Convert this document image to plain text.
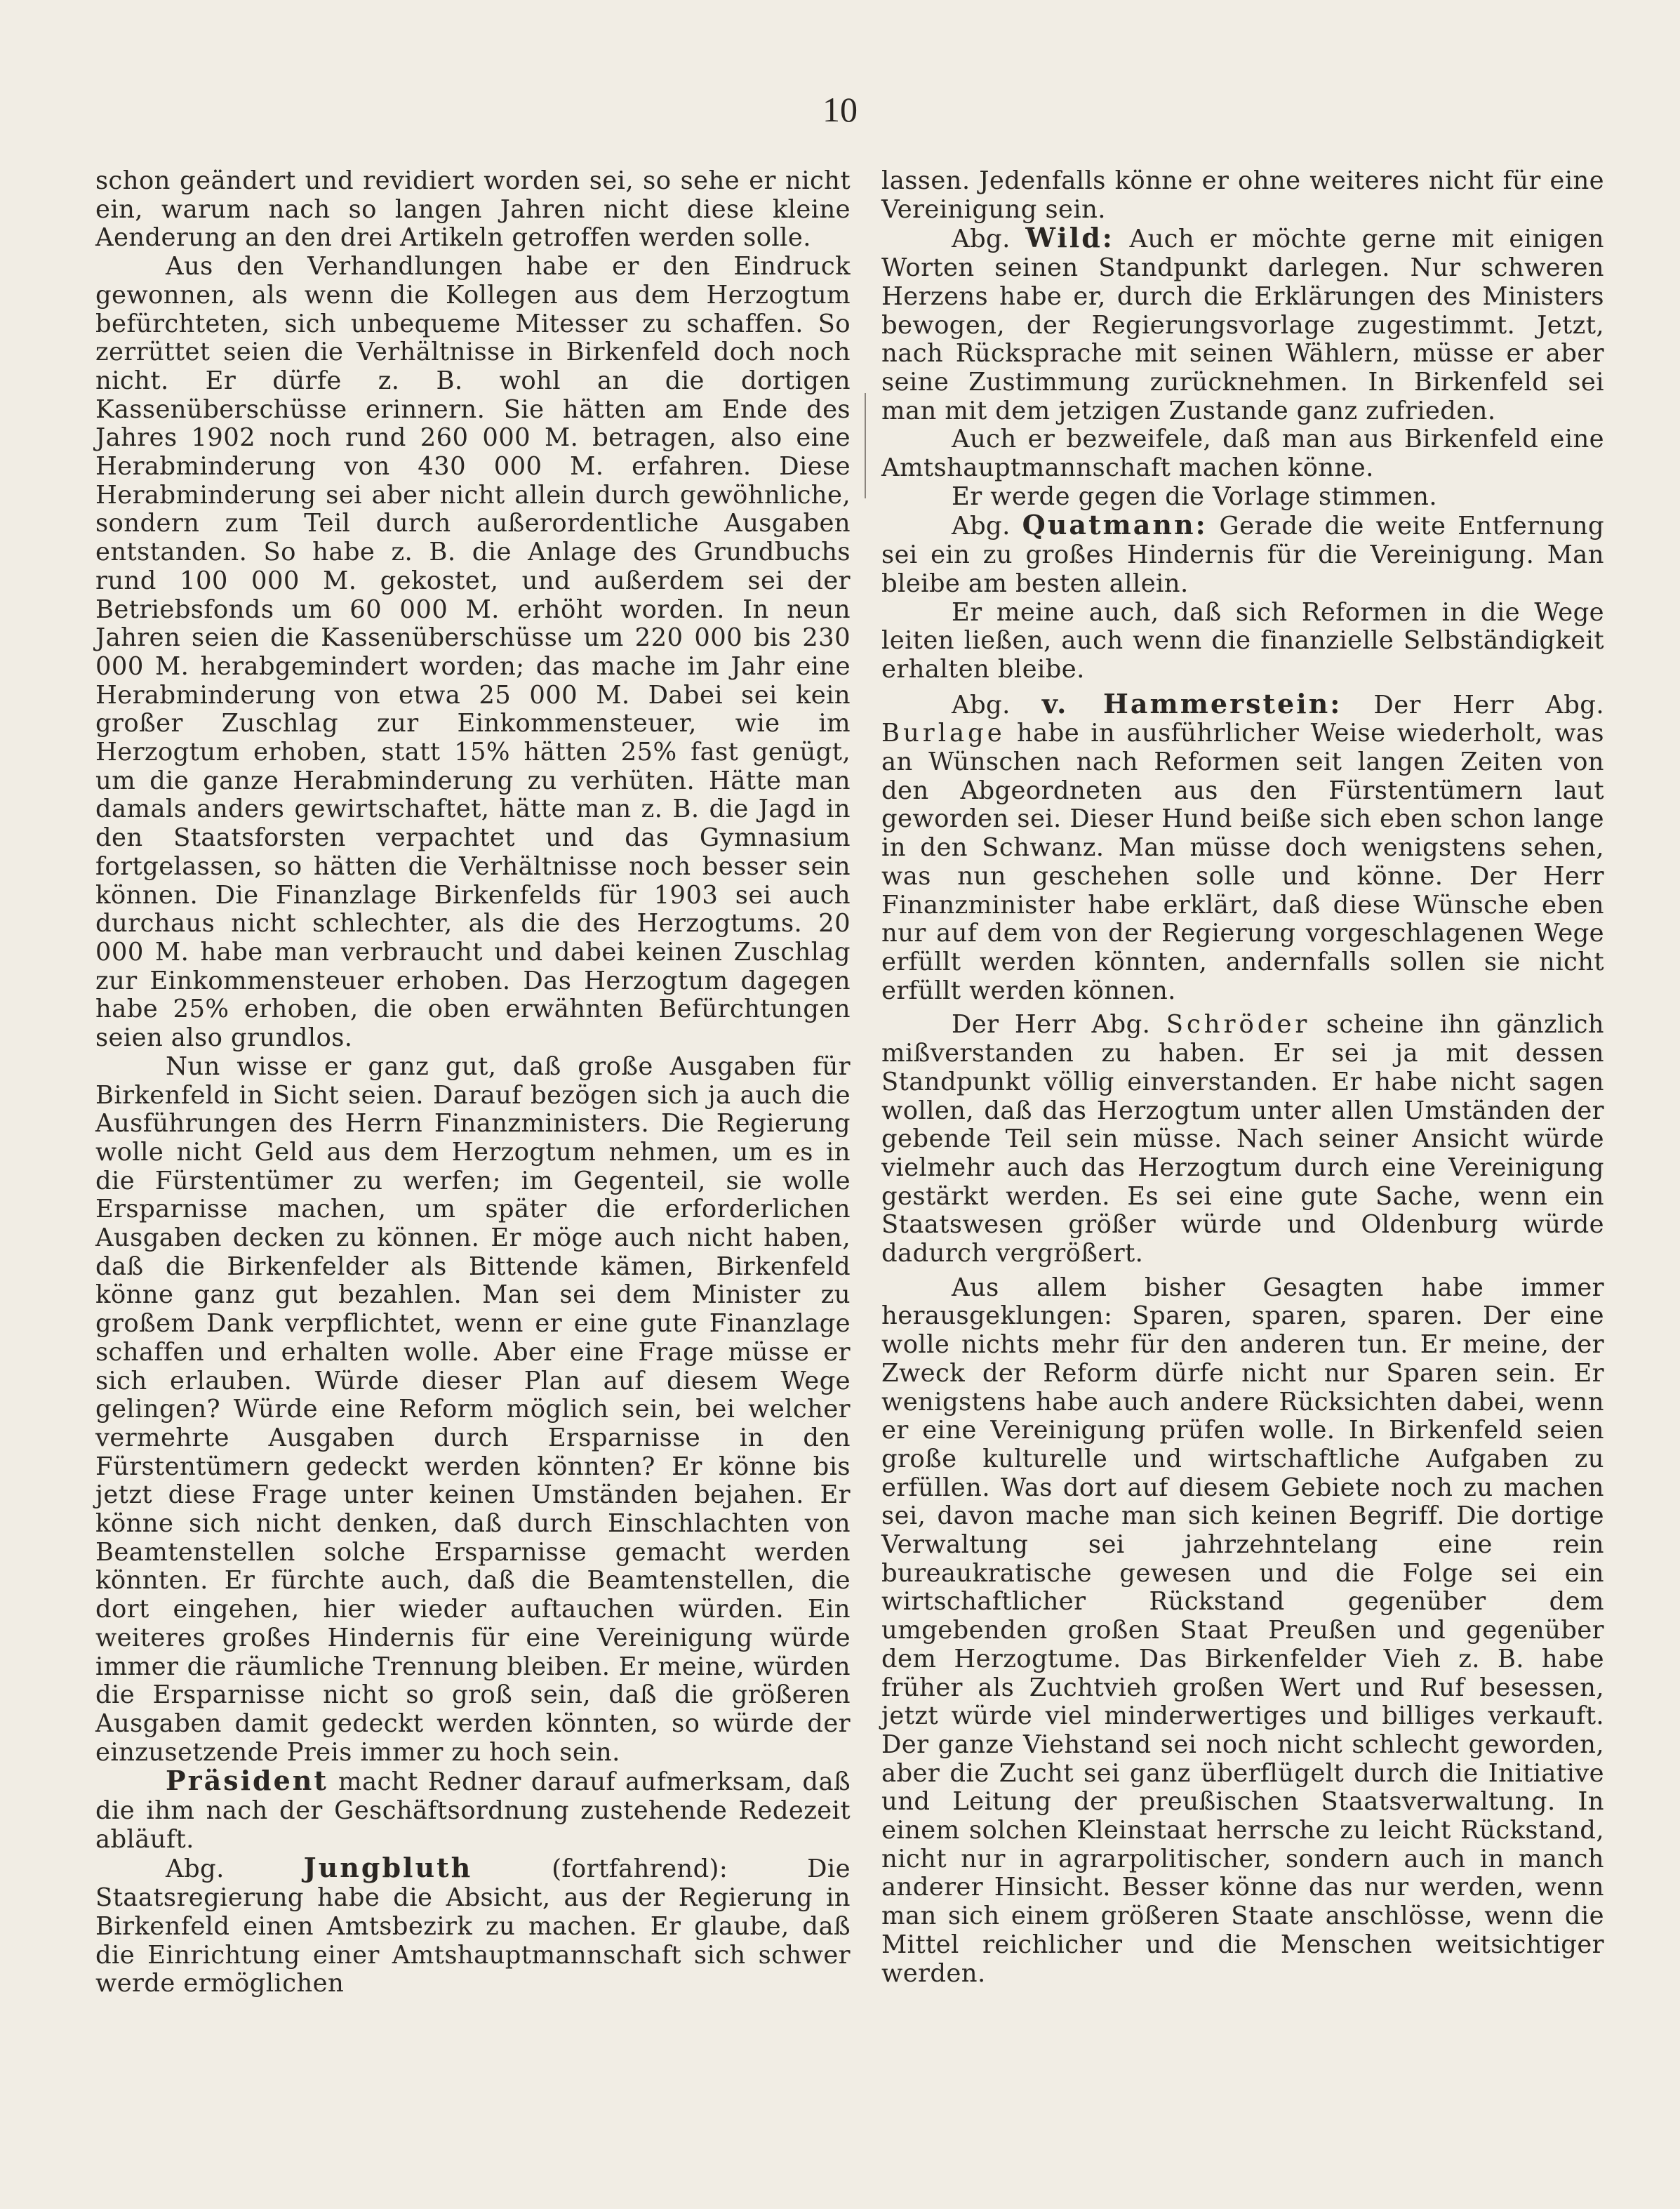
10

schon geändert und revidiert worden sei, so sehe er nicht ein, warum nach so langen Jahren nicht diese kleine Aenderung an den drei Artikeln getroffen werden solle.

Aus den Verhandlungen habe er den Eindruck gewonnen, als wenn die Kollegen aus dem Herzogtum befürchteten, sich unbequeme Mitesser zu schaffen. So zerrüttet seien die Verhältnisse in Birkenfeld doch noch nicht. Er dürfe z. B. wohl an die dortigen Kassenüberschüsse erinnern. Sie hätten am Ende des Jahres 1902 noch rund 260 000 M. betragen, also eine Herabminderung von 430 000 M. erfahren. Diese Herabminderung sei aber nicht allein durch gewöhnliche, sondern zum Teil durch außerordentliche Ausgaben entstanden. So habe z. B. die Anlage des Grundbuchs rund 100 000 M. gekostet, und außerdem sei der Betriebsfonds um 60 000 M. erhöht worden. In neun Jahren seien die Kassenüberschüsse um 220 000 bis 230 000 M. herabgemindert worden; das mache im Jahr eine Herabminderung von etwa 25 000 M. Dabei sei kein großer Zuschlag zur Einkommensteuer, wie im Herzogtum erhoben, statt 15% hätten 25% fast genügt, um die ganze Herabminderung zu verhüten. Hätte man damals anders gewirtschaftet, hätte man z. B. die Jagd in den Staatsforsten verpachtet und das Gymnasium fortgelassen, so hätten die Verhältnisse noch besser sein können. Die Finanzlage Birkenfelds für 1903 sei auch durchaus nicht schlechter, als die des Herzogtums. 20 000 M. habe man verbraucht und dabei keinen Zuschlag zur Einkommensteuer erhoben. Das Herzogtum dagegen habe 25% erhoben, die oben erwähnten Befürchtungen seien also grundlos.

Nun wisse er ganz gut, daß große Ausgaben für Birkenfeld in Sicht seien. Darauf bezögen sich ja auch die Ausführungen des Herrn Finanzministers. Die Regierung wolle nicht Geld aus dem Herzogtum nehmen, um es in die Fürstentümer zu werfen; im Gegenteil, sie wolle Ersparnisse machen, um später die erforderlichen Ausgaben decken zu können. Er möge auch nicht haben, daß die Birkenfelder als Bittende kämen, Birkenfeld könne ganz gut bezahlen. Man sei dem Minister zu großem Dank verpflichtet, wenn er eine gute Finanzlage schaffen und erhalten wolle. Aber eine Frage müsse er sich erlauben. Würde dieser Plan auf diesem Wege gelingen? Würde eine Reform möglich sein, bei welcher vermehrte Ausgaben durch Ersparnisse in den Fürstentümern gedeckt werden könnten? Er könne bis jetzt diese Frage unter keinen Umständen bejahen. Er könne sich nicht denken, daß durch Einschlachten von Beamtenstellen solche Ersparnisse gemacht werden könnten. Er fürchte auch, daß die Beamtenstellen, die dort eingehen, hier wieder auftauchen würden. Ein weiteres großes Hindernis für eine Vereinigung würde immer die räumliche Trennung bleiben. Er meine, würden die Ersparnisse nicht so groß sein, daß die größeren Ausgaben damit gedeckt werden könnten, so würde der einzusetzende Preis immer zu hoch sein.

Präsident macht Redner darauf aufmerksam, daß die ihm nach der Geschäftsordnung zustehende Redezeit abläuft.

Abg.	Jungbluth	(fortfahrend): Die Staatsregierung habe die Absicht, aus der Regierung in Birkenfeld einen Amtsbezirk zu machen. Er glaube, daß die Einrichtung einer Amtshauptmannschaft sich schwer werde ermöglichen

lassen. Jedenfalls könne er ohne weiteres nicht für eine Vereinigung sein.

Abg. Wild: Auch er möchte gerne mit einigen Worten seinen Standpunkt darlegen. Nur schweren Herzens habe er, durch die Erklärungen des Ministers bewogen, der Regierungsvorlage zugestimmt. Jetzt, nach Rücksprache mit seinen Wählern, müsse er aber seine Zustimmung zurücknehmen. In Birkenfeld sei man mit dem jetzigen Zustande ganz zufrieden.

Auch er bezweifele, daß man aus Birkenfeld eine Amtshauptmannschaft machen könne.

Er werde gegen die Vorlage stimmen.

Abg. Quatmann: Gerade die weite Entfernung sei ein zu großes Hindernis für die Vereinigung. Man bleibe am besten allein.

Er meine auch, daß sich Reformen in die Wege leiten ließen, auch wenn die finanzielle Selbständigkeit erhalten bleibe.

Abg. v. Hammerstein: Der Herr Abg. Burlage habe in ausführlicher Weise wiederholt, was an Wünschen nach Reformen seit langen Zeiten von den Abgeordneten aus den Fürstentümern laut geworden sei. Dieser Hund beiße sich eben schon lange in den Schwanz. Man müsse doch wenigstens sehen, was nun geschehen solle und könne. Der Herr Finanzminister habe erklärt, daß diese Wünsche eben nur auf dem von der Regierung vorgeschlagenen Wege erfüllt werden könnten, andernfalls sollen sie nicht erfüllt werden können.

Der Herr Abg. Schröder scheine ihn gänzlich mißverstanden zu haben. Er sei ja mit dessen Standpunkt völlig einverstanden. Er habe nicht sagen wollen, daß das Herzogtum unter allen Umständen der gebende Teil sein müsse. Nach seiner Ansicht würde vielmehr auch das Herzogtum durch eine Vereinigung gestärkt werden. Es sei eine gute Sache, wenn ein Staatswesen größer würde und Oldenburg würde dadurch vergrößert.

Aus allem bisher Gesagten habe immer herausgeklungen: Sparen, sparen, sparen. Der eine wolle nichts mehr für den anderen tun. Er meine, der Zweck der Reform dürfe nicht nur Sparen sein. Er wenigstens habe auch andere Rücksichten dabei, wenn er eine Vereinigung prüfen wolle. In Birkenfeld seien große kulturelle und wirtschaftliche Aufgaben zu erfüllen. Was dort auf diesem Gebiete noch zu machen sei, davon mache man sich keinen Begriff. Die dortige Verwaltung sei jahrzehntelang eine rein bureaukratische gewesen und die Folge sei ein wirtschaftlicher Rückstand gegenüber dem umgebenden großen Staat Preußen und gegenüber dem Herzogtume. Das Birkenfelder Vieh z. B. habe früher als Zuchtvieh großen Wert und Ruf besessen, jetzt würde viel minderwertiges und billiges verkauft. Der ganze Viehstand sei noch nicht schlecht geworden, aber die Zucht sei ganz überflügelt durch die Initiative und Leitung der preußischen Staatsverwaltung. In einem solchen Kleinstaat herrsche zu leicht Rückstand, nicht nur in agrarpolitischer, sondern auch in manch anderer Hinsicht. Besser könne das nur werden, wenn man sich einem größeren Staate anschlösse, wenn die Mittel reichlicher und die Menschen weitsichtiger werden.
